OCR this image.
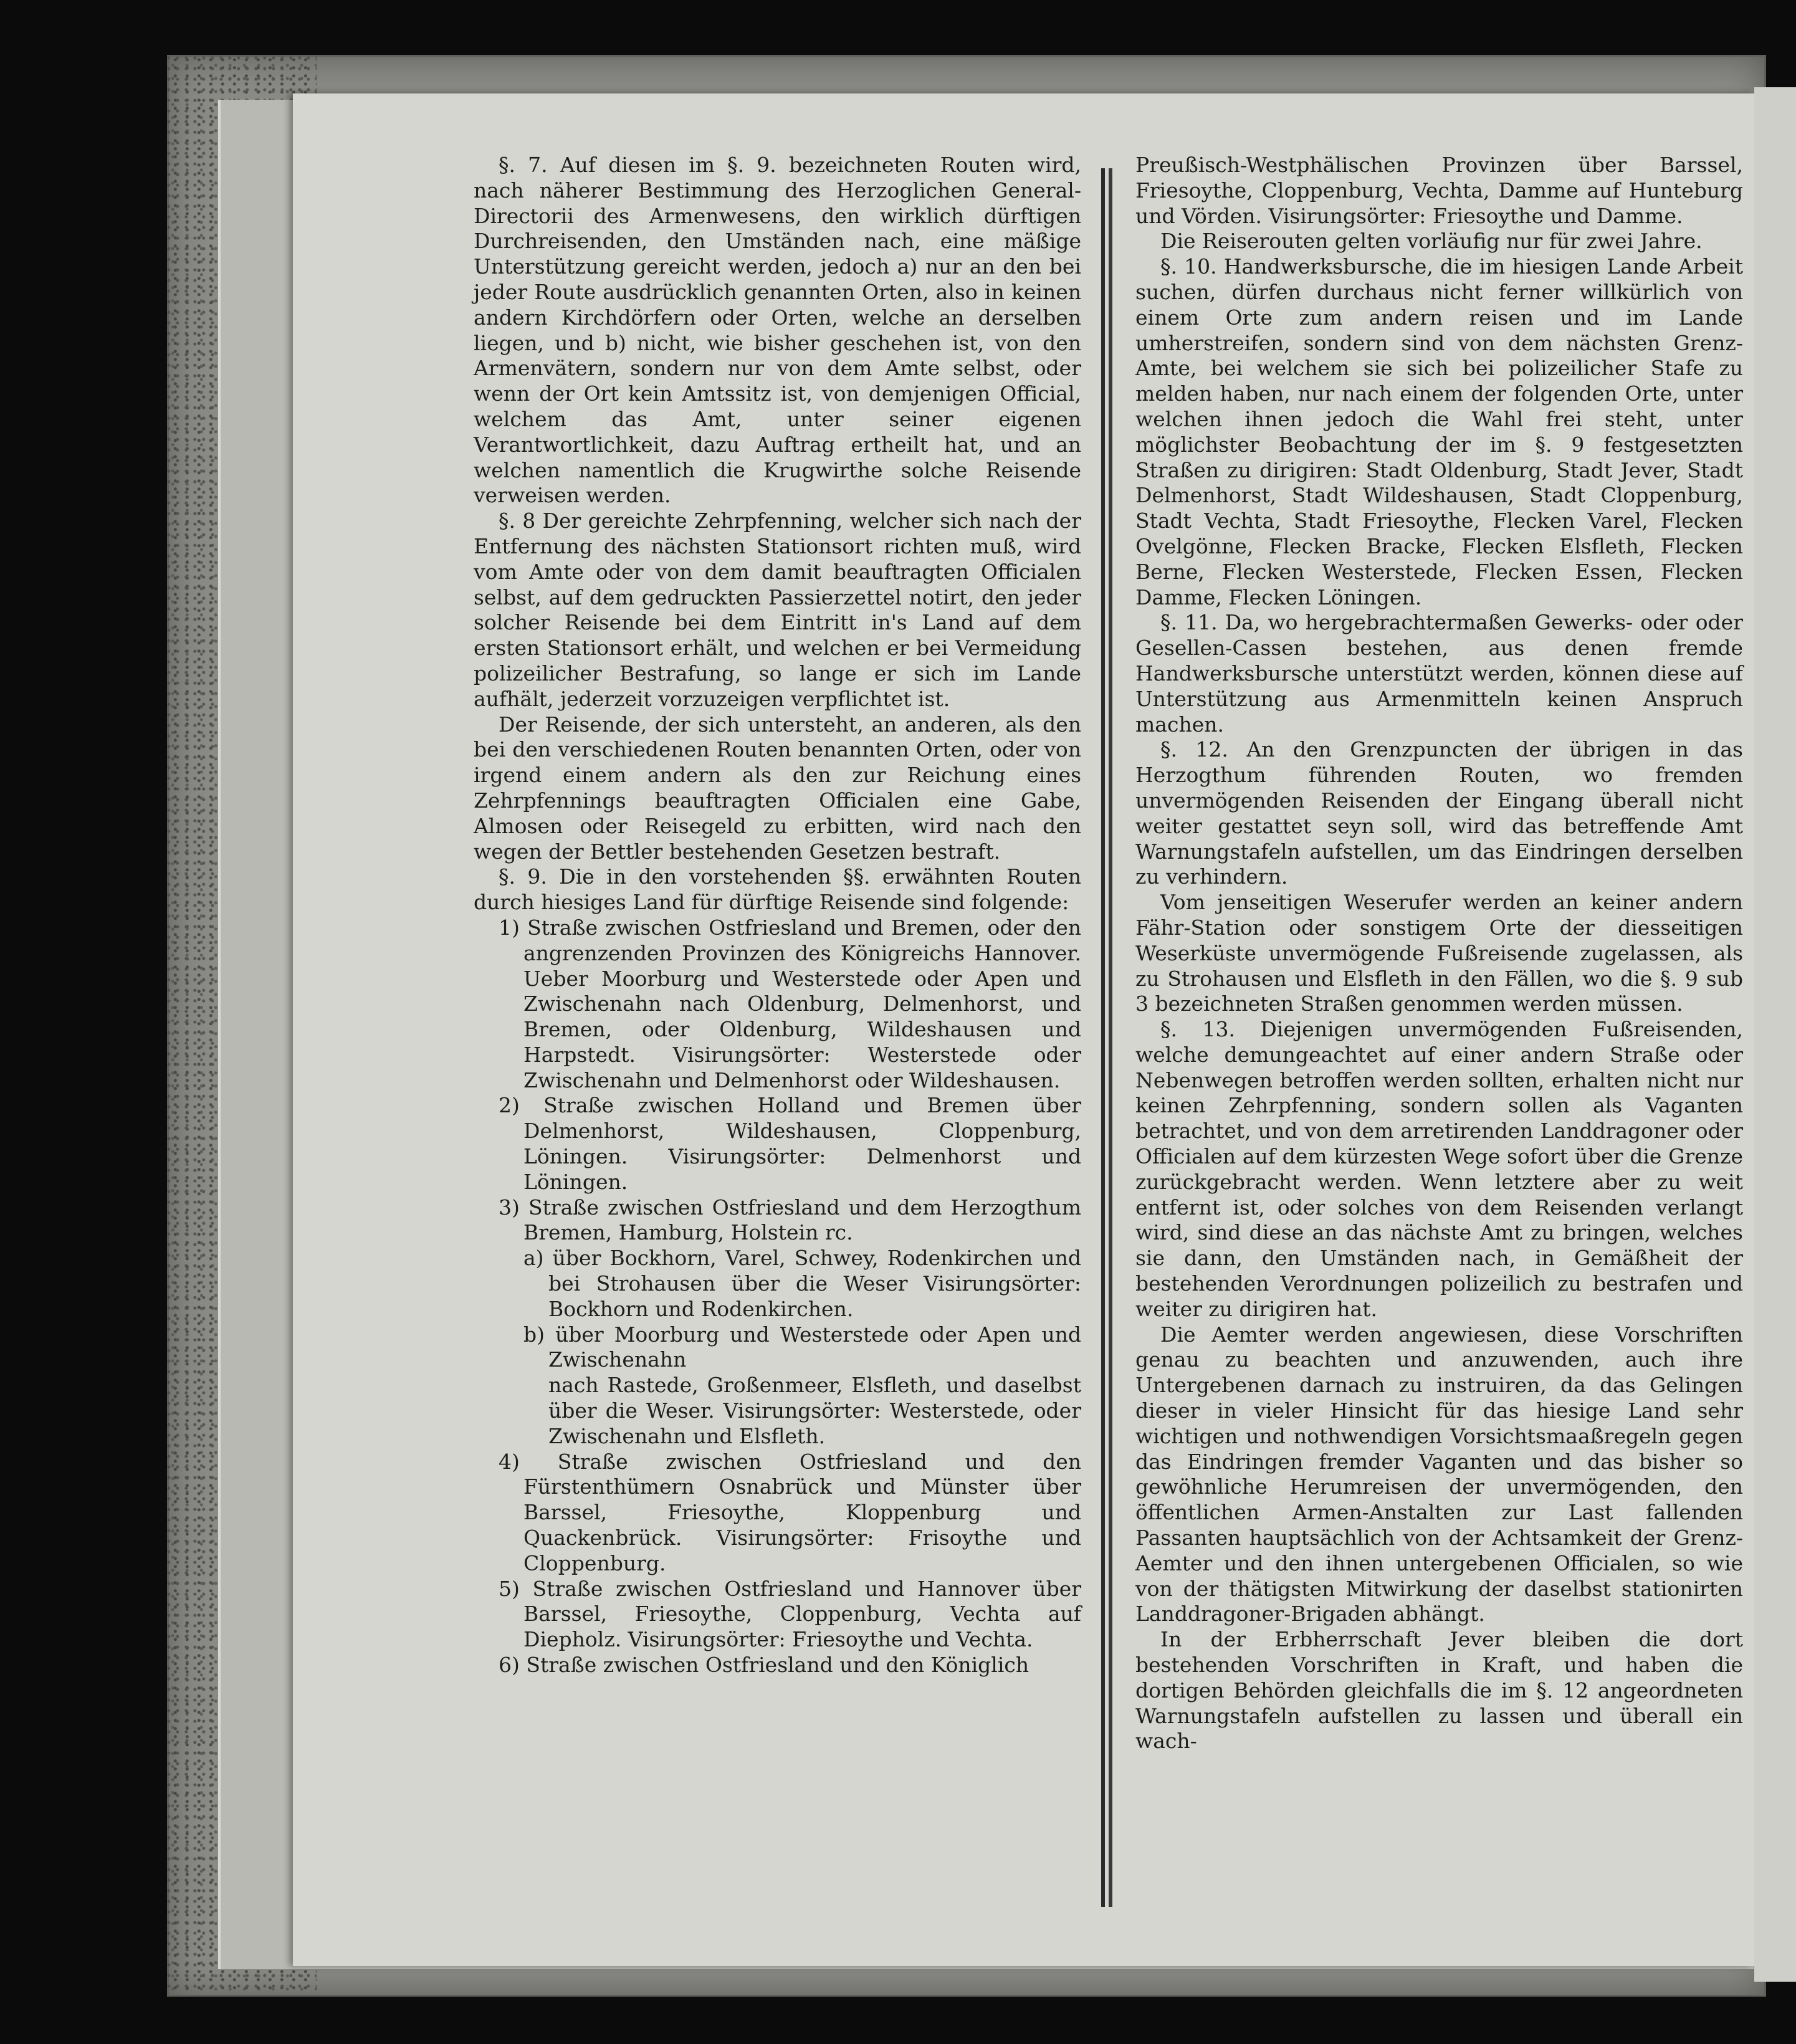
§. 7. Auf diesen im §. 9. bezeichneten Routen wird, nach näherer Bestimmung des Herzoglichen General-Directorii des Armenwesens, den wirklich dürftigen Durchreisenden, den Umständen nach, eine mäßige Unterstützung gereicht werden, jedoch a) nur an den bei jeder Route ausdrücklich genannten Orten, also in keinen andern Kirchdörfern oder Orten, welche an derselben liegen, und b) nicht, wie bisher geschehen ist, von den Armenvätern, sondern nur von dem Amte selbst, oder wenn der Ort kein Amtssitz ist, von demjenigen Official, welchem das Amt, unter seiner eigenen Verantwortlichkeit, dazu Auftrag ertheilt hat, und an welchen namentlich die Krugwirthe solche Reisende verweisen werden.

§. 8 Der gereichte Zehrpfenning, welcher sich nach der Entfernung des nächsten Stationsort richten muß, wird vom Amte oder von dem damit beauftragten Officialen selbst, auf dem gedruckten Passierzettel notirt, den jeder solcher Reisende bei dem Eintritt in's Land auf dem ersten Stationsort erhält, und welchen er bei Vermeidung polizeilicher Bestrafung, so lange er sich im Lande aufhält, jederzeit vorzuzeigen verpflichtet ist.

Der Reisende, der sich untersteht, an anderen, als den bei den verschiedenen Routen benannten Orten, oder von irgend einem andern als den zur Reichung eines Zehrpfennings beauftragten Officialen eine Gabe, Almosen oder Reisegeld zu erbitten, wird nach den wegen der Bettler bestehenden Gesetzen bestraft.

§. 9. Die in den vorstehenden §§. erwähnten Routen durch hiesiges Land für dürftige Reisende sind folgende:

1) Straße zwischen Ostfriesland und Bremen, oder den angrenzenden Provinzen des Königreichs Hannover. Ueber Moorburg und Westerstede oder Apen und Zwischenahn nach Oldenburg, Delmenhorst, und Bremen, oder Oldenburg, Wildeshausen und Harpstedt. Visirungsörter: Westerstede oder Zwischenahn und Delmenhorst oder Wildeshausen.

2) Straße zwischen Holland und Bremen über Delmenhorst, Wildeshausen, Cloppenburg, Löningen. Visirungsörter: Delmenhorst und Löningen.

3) Straße zwischen Ostfriesland und dem Herzogthum Bremen, Hamburg, Holstein rc.

a) über Bockhorn, Varel, Schwey, Rodenkirchen und bei Strohausen über die Weser Visirungsörter: Bockhorn und Rodenkirchen.

b) über Moorburg und Westerstede oder Apen und Zwischenahn

nach Rastede, Großenmeer, Elsfleth, und daselbst über die Weser. Visirungsörter: Westerstede, oder Zwischenahn und Elsfleth.

4) Straße zwischen Ostfriesland und den Fürstenthümern Osnabrück und Münster über Barssel, Friesoythe, Kloppenburg und Quackenbrück. Visirungsörter: Frisoythe und Cloppenburg.

5) Straße zwischen Ostfriesland und Hannover über Barssel, Friesoythe, Cloppenburg, Vechta auf Diepholz. Visirungsörter: Friesoythe und Vechta.

6) Straße zwischen Ostfriesland und den Königlich

Preußisch-Westphälischen Provinzen über Barssel, Friesoythe, Cloppenburg, Vechta, Damme auf Hunteburg und Vörden. Visirungsörter: Friesoythe und Damme.

Die Reiserouten gelten vorläufig nur für zwei Jahre.

§. 10. Handwerksbursche, die im hiesigen Lande Arbeit suchen, dürfen durchaus nicht ferner willkürlich von einem Orte zum andern reisen und im Lande umherstreifen, sondern sind von dem nächsten Grenz-Amte, bei welchem sie sich bei polizeilicher Stafe zu melden haben, nur nach einem der folgenden Orte, unter welchen ihnen jedoch die Wahl frei steht, unter möglichster Beobachtung der im §. 9 festgesetzten Straßen zu dirigiren: Stadt Oldenburg, Stadt Jever, Stadt Delmenhorst, Stadt Wildeshausen, Stadt Cloppenburg, Stadt Vechta, Stadt Friesoythe, Flecken Varel, Flecken Ovelgönne, Flecken Bracke, Flecken Elsfleth, Flecken Berne, Flecken Westerstede, Flecken Essen, Flecken Damme, Flecken Löningen.

§. 11. Da, wo hergebrachtermaßen Gewerks- oder oder Gesellen-Cassen bestehen, aus denen fremde Handwerksbursche unterstützt werden, können diese auf Unterstützung aus Armenmitteln keinen Anspruch machen.

§. 12. An den Grenzpuncten der übrigen in das Herzogthum führenden Routen, wo fremden unvermögenden Reisenden der Eingang überall nicht weiter gestattet seyn soll, wird das betreffende Amt Warnungstafeln aufstellen, um das Eindringen derselben zu verhindern.

Vom jenseitigen Weserufer werden an keiner andern Fähr-Station oder sonstigem Orte der diesseitigen Weserküste unvermögende Fußreisende zugelassen, als zu Strohausen und Elsfleth in den Fällen, wo die §. 9 sub 3 bezeichneten Straßen genommen werden müssen.

§. 13. Diejenigen unvermögenden Fußreisenden, welche demungeachtet auf einer andern Straße oder Nebenwegen betroffen werden sollten, erhalten nicht nur keinen Zehrpfenning, sondern sollen als Vaganten betrachtet, und von dem arretirenden Landdragoner oder Officialen auf dem kürzesten Wege sofort über die Grenze zurückgebracht werden. Wenn letztere aber zu weit entfernt ist, oder solches von dem Reisenden verlangt wird, sind diese an das nächste Amt zu bringen, welches sie dann, den Umständen nach, in Gemäßheit der bestehenden Verordnungen polizeilich zu bestrafen und weiter zu dirigiren hat.

Die Aemter werden angewiesen, diese Vorschriften genau zu beachten und anzuwenden, auch ihre Untergebenen darnach zu instruiren, da das Gelingen dieser in vieler Hinsicht für das hiesige Land sehr wichtigen und nothwendigen Vorsichtsmaaßregeln gegen das Eindringen fremder Vaganten und das bisher so gewöhnliche Herumreisen der unvermögenden, den öffentlichen Armen-Anstalten zur Last fallenden Passanten hauptsächlich von der Achtsamkeit der Grenz-Aemter und den ihnen untergebenen Officialen, so wie von der thätigsten Mitwirkung der daselbst stationirten Landdragoner-Brigaden abhängt.

In der Erbherrschaft Jever bleiben die dort bestehenden Vorschriften in Kraft, und haben die dortigen Behörden gleichfalls die im §. 12 angeordneten Warnungstafeln aufstellen zu lassen und überall ein wach-
